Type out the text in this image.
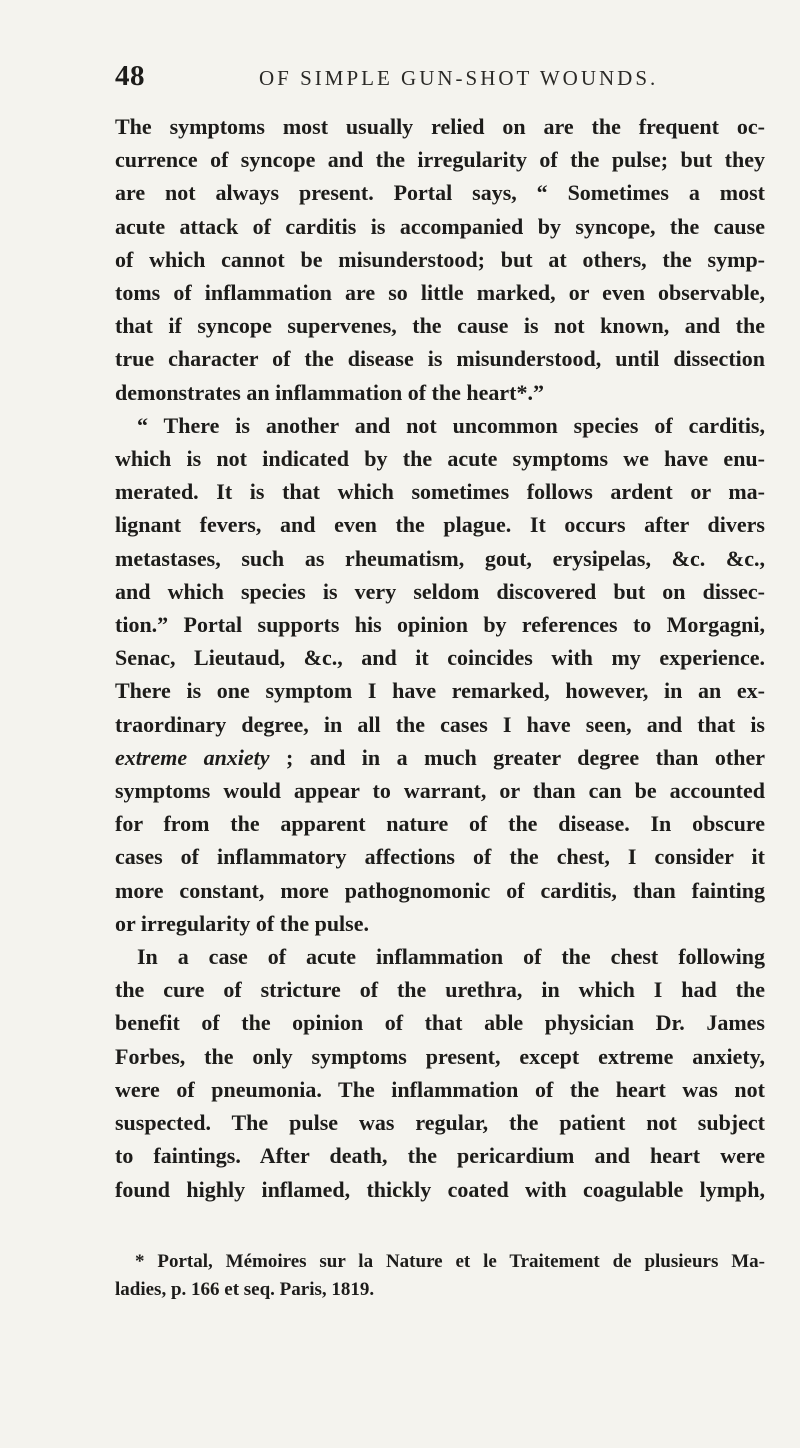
48	OF SIMPLE GUN-SHOT WOUNDS.

The symptoms most usually relied on are the frequent oc-
currence of syncope and the irregularity of the pulse; but they
are not always present. Portal says, “ Sometimes a most
acute attack of carditis is accompanied by syncope, the cause
of which cannot be misunderstood; but at others, the symp-
toms of inflammation are so little marked, or even observable,
that if syncope supervenes, the cause is not known, and the
true character of the disease is misunderstood, until dissection
demonstrates an inflammation of the heart*.”

“ There is another and not uncommon species of carditis,
which is not indicated by the acute symptoms we have enu-
merated. It is that which sometimes follows ardent or ma-
lignant fevers, and even the plague. It occurs after divers
metastases, such as rheumatism, gout, erysipelas, &c. &c.,
and which species is very seldom discovered but on dissec-
tion.” Portal supports his opinion by references to Morgagni,
Senac, Lieutaud, &c., and it coincides with my experience.
There is one symptom I have remarked, however, in an ex-
traordinary degree, in all the cases I have seen, and that is
extreme anxiety ; and in a much greater degree than other
symptoms would appear to warrant, or than can be accounted
for from the apparent nature of the disease. In obscure
cases of inflammatory affections of the chest, I consider it
more constant, more pathognomonic of carditis, than fainting
or irregularity of the pulse.

In a case of acute inflammation of the chest following
the cure of stricture of the urethra, in which I had the
benefit of the opinion of that able physician Dr. James
Forbes, the only symptoms present, except extreme anxiety,
were of pneumonia. The inflammation of the heart was not
suspected. The pulse was regular, the patient not subject
to faintings. After death, the pericardium and heart were
found highly inflamed, thickly coated with coagulable lymph,

* Portal, Mémoires sur la Nature et le Traitement de plusieurs Ma-
ladies, p. 166 et seq. Paris, 1819.
